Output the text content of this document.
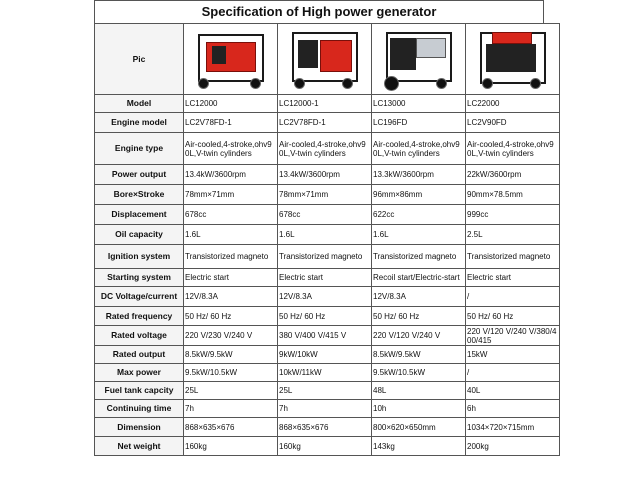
Specification of High power generator
Pic	

Model	LC12000	LC12000-1	LC13000	LC22000
Engine model	LC2V78FD-1	LC2V78FD-1	LC196FD	LC2V90FD
Engine type	Air-cooled,4-stroke,ohv90L,V-twin cylinders	Air-cooled,4-stroke,ohv90L,V-twin cylinders	Air-cooled,4-stroke,ohv90L,V-twin cylinders	Air-cooled,4-stroke,ohv90L,V-twin cylinders
Power output	13.4kW/3600rpm	13.4kW/3600rpm	13.3kW/3600rpm	22kW/3600rpm
Bore×Stroke	78mm×71mm	78mm×71mm	96mm×86mm	90mm×78.5mm
Displacement	678cc	678cc	622cc	999cc
Oil capacity	1.6L	1.6L	1.6L	2.5L
Ignition system	Transistorized magneto	Transistorized magneto	Transistorized magneto	Transistorized magneto
Starting system	Electric start	Electric start	Recoil start/Electric-start	Electric start
DC Voltage/current	12V/8.3A	12V/8.3A	12V/8.3A	/
Rated frequency	50 Hz/ 60 Hz	50 Hz/ 60 Hz	50 Hz/ 60 Hz	50 Hz/ 60 Hz
Rated voltage	220 V/230 V/240 V	380 V/400 V/415 V	220 V/120 V/240 V	220 V/120 V/240 V/380/400/415
Rated output	8.5kW/9.5kW	9kW/10kW	8.5kW/9.5kW	15kW
Max power	9.5kW/10.5kW	10kW/11kW	9.5kW/10.5kW	/
Fuel tank capcity	25L	25L	48L	40L
Continuing time	7h	7h	10h	6h
Dimension	868×635×676	868×635×676	800×620×650mm	1034×720×715mm
Net weight	160kg	160kg	143kg	200kg
